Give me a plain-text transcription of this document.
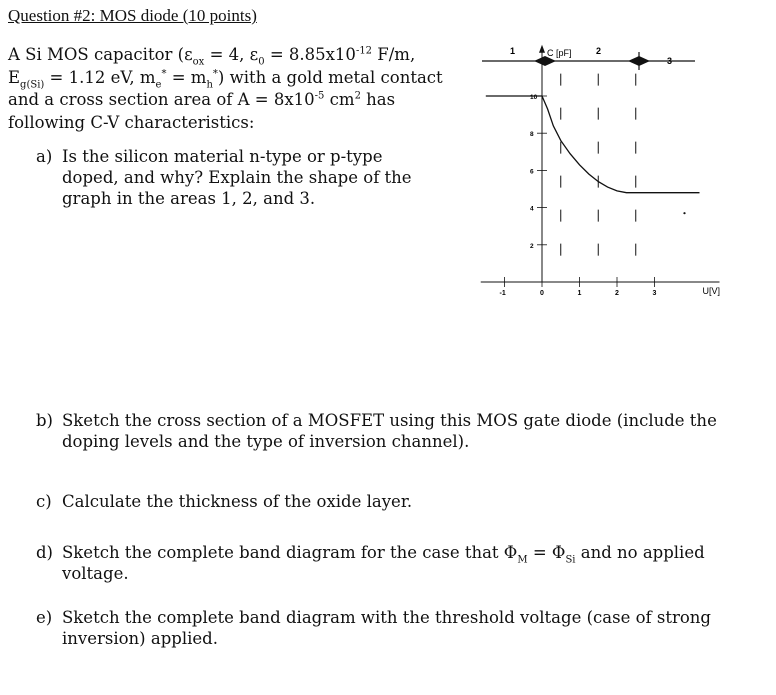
Question #2: MOS diode (10 points)
A Si MOS capacitor ($\varepsilon_{ox} = 4$, $\varepsilon_0 = 8.85x10^{-12}$ F/m,
$E_{g(Si)} = 1.12$ eV, $m_e^* = m_h^*$) with a gold metal contact
and a cross section area of $A = 8x10^{-5}$ $cm^2$ has
following C-V characteristics:
a) Is the silicon material n-type or p-type
doped, and why? Explain the shape of the
graph in the areas 1, 2, and 3.
b) Sketch the cross section of a MOSFET using this MOS gate diode (include the
doping levels and the type of inversion channel).
c) Calculate the thickness of the oxide layer.
d) Sketch the complete band diagram for the case that $\Phi_M = \Phi_{Si}$ and no applied
voltage.
e) Sketch the complete band diagram with the threshold voltage (case of strong
inversion) applied.
1	2
3
-1	0	1	2	3
2
4
6
8
10
C [pF]
U[V]
